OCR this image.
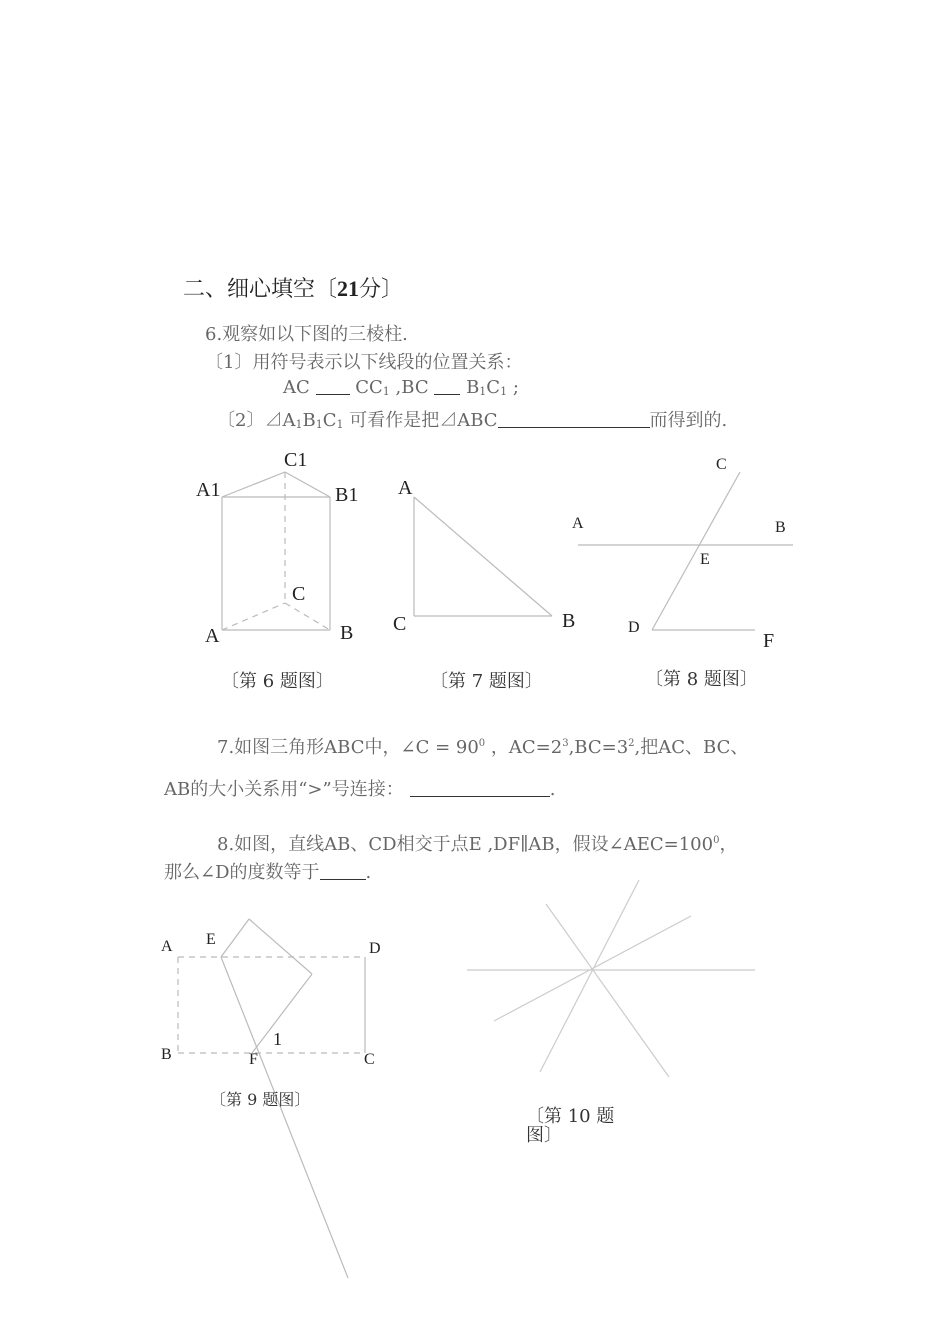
二、细心填空〔21分〕
6.观察如以下图的三棱柱.
〔1〕用符号表示以下线段的位置关系：
AC	$CC_1$ ,BC $B_1C_1$ ;
〔2〕$⊿A_1B_1C_1$ 可看作是把⊿ABC	而得到的.
C1
A1	B1
C
A	B
〔第 6 题图〕
A
C	B
〔第 7 题图〕
C
A	B
E
D
F
〔第 8 题图〕
7.如图三角形ABC中，∠C = $90^0$ ，$AC=2^3,BC=3^2$,把AC、BC、
AB的大小关系用“>”号连接：	.
8.如图，直线AB、CD相交于点E ,DF∥AB，假设$\angle AEC=100^0$，
那么∠D的度数等于	.
A E
D
B	F	C
1
〔第 9 题图〕
〔第 10 题
图〕
